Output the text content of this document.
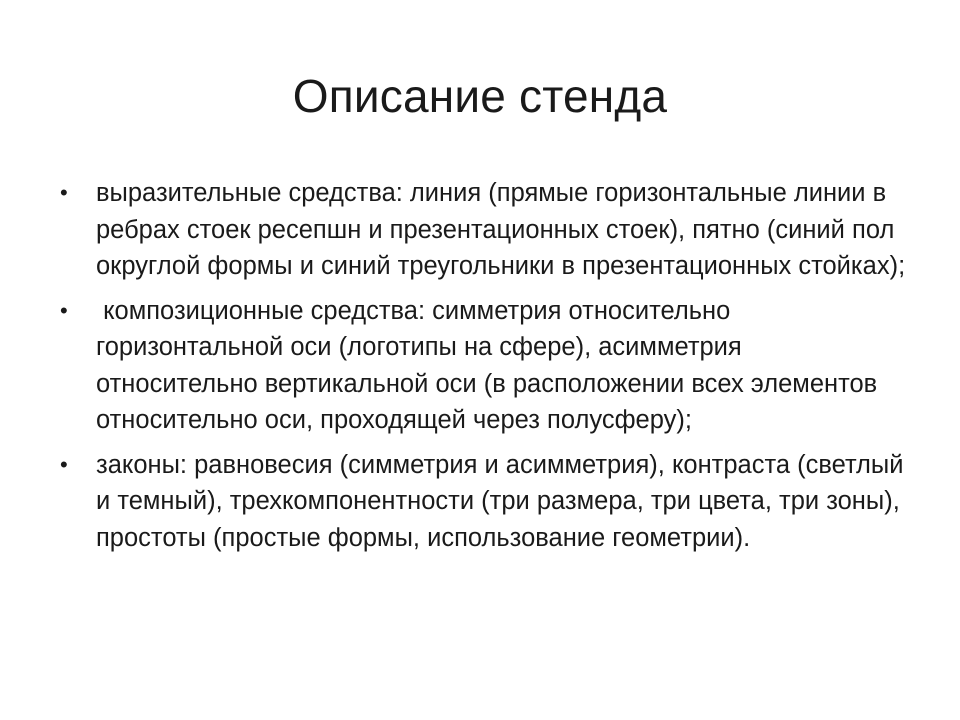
Описание стенда
•	выразительные средства: линия (прямые горизонтальные линии в ребрах стоек ресепшн и презентационных стоек), пятно (синий пол округлой формы и синий треугольники в презентационных стойках);
•	композиционные средства: симметрия относительно горизонтальной оси (логотипы на сфере), асимметрия относительно вертикальной оси (в расположении всех элементов относительно оси, проходящей через полусферу);
•	законы: равновесия (симметрия и асимметрия), контраста (светлый и темный), трехкомпонентности (три размера, три цвета, три зоны), простоты (простые формы, использование геометрии).
